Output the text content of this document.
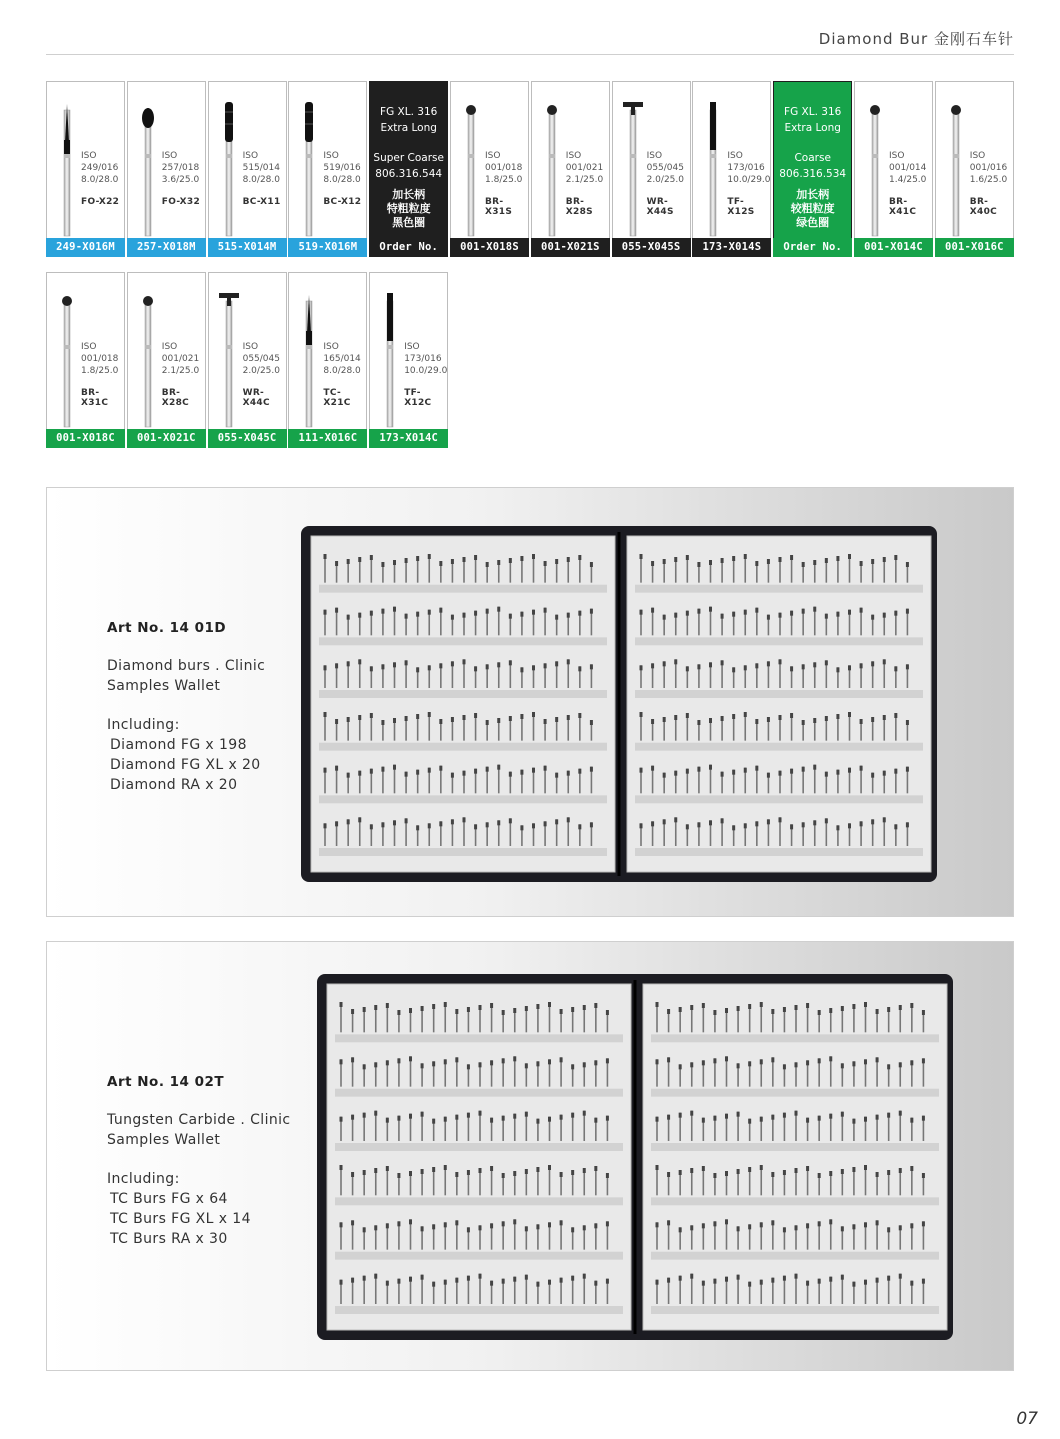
Diamond Bur 金刚石车针
ISO
249/016
8.0/28.0
FO-X22
249-X016M
ISO
257/018
3.6/25.0
FO-X32
257-X018M
ISO
515/014
8.0/28.0
BC-X11
515-X014M
ISO
519/016
8.0/28.0
BC-X12
519-X016M
FG XL. 316
Extra Long
Super Coarse
806.316.544
加长柄
特粗粒度
黑色圈
Order No.
ISO
001/018
1.8/25.0
BR-X31S
001-X018S
ISO
001/021
2.1/25.0
BR-X28S
001-X021S
ISO
055/045
2.0/25.0
WR-X44S
055-X045S
ISO
173/016
10.0/29.0
TF-X12S
173-X014S
FG XL. 316
Extra Long
Coarse
806.316.534
加长柄
较粗粒度
绿色圈
Order No.
ISO
001/014
1.4/25.0
BR-X41C
001-X014C
ISO
001/016
1.6/25.0
BR-X40C
001-X016C
ISO
001/018
1.8/25.0
BR-X31C
001-X018C
ISO
001/021
2.1/25.0
BR-X28C
001-X021C
ISO
055/045
2.0/25.0
WR-X44C
055-X045C
ISO
165/014
8.0/28.0
TC-X21C
111-X016C
ISO
173/016
10.0/29.0
TF-X12C
173-X014C
Art No. 14 01D
Diamond burs . Clinic
Samples Wallet
Including:
Diamond FG x 198
Diamond FG XL x 20
Diamond RA x 20
Art No. 14 02T
Tungsten Carbide . Clinic
Samples Wallet
Including:
TC Burs FG x 64
TC Burs FG XL x 14
TC Burs RA x 30
07
